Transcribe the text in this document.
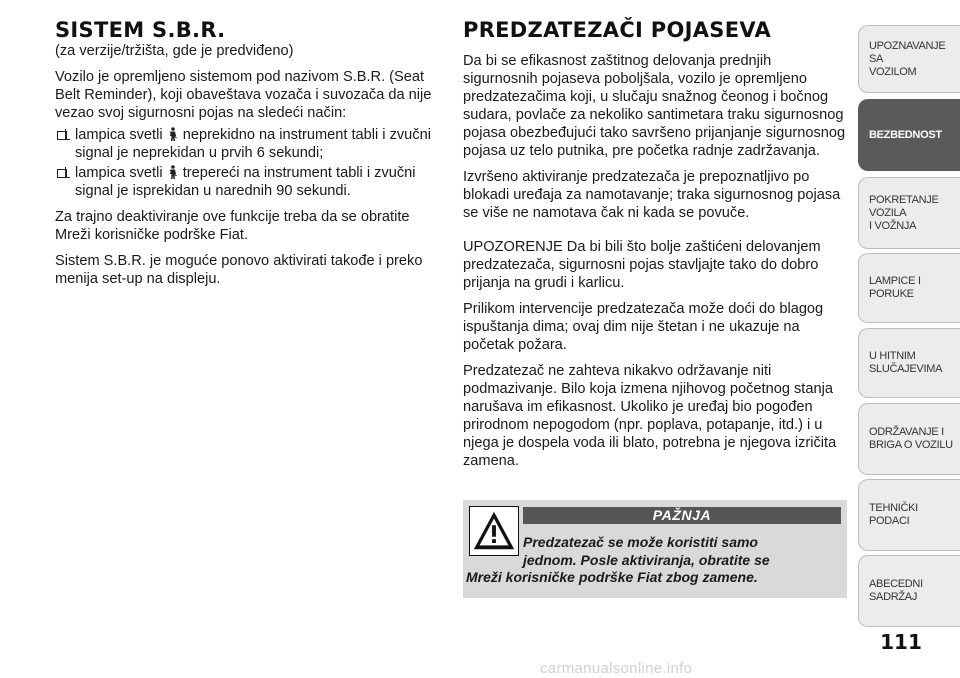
SISTEM S.B.R.
(za verzije/tržišta, gde je predviđeno)

Vozilo je opremljeno sistemom pod nazivom S.B.R. (Seat Belt Reminder), koji obaveštava vozača i suvozača da nije vezao svoj sigurnosni pojas na sledeći način:

lampica svetli neprekidno na instrument tabli i zvučni signal je neprekidan u prvih 6 sekundi;
lampica svetli trepereći na instrument tabli i zvučni signal je isprekidan u narednih 90 sekundi.

Za trajno deaktiviranje ove funkcije treba da se obratite Mreži korisničke podrške Fiat.

Sistem S.B.R. je moguće ponovo aktivirati takođe i preko menija set-up na displeju.

PREDZATEZAČI POJASEVA

Da bi se efikasnost zaštitnog delovanja prednjih sigurnosnih pojaseva poboljšala, vozilo je opremljeno predzatezačima koji, u slučaju snažnog čeonog i bočnog sudara, povlače za nekoliko santimetara traku sigurnosnog pojasa obezbeđujući tako savršeno prijanjanje sigurnosnog pojasa uz telo putnika, pre početka radnje zadržavanja.

Izvršeno aktiviranje predzatezača je prepoznatljivo po blokadi uređaja za namotavanje; traka sigurnosnog pojasa se više ne namotava čak ni kada se povuče.

UPOZORENJE Da bi bili što bolje zaštićeni delovanjem predzatezača, sigurnosni pojas stavljajte tako do dobro prijanja na grudi i karlicu.

Prilikom intervencije predzatezača može doći do blagog ispuštanja dima; ovaj dim nije štetan i ne ukazuje na početak požara.

Predzatezač ne zahteva nikakvo održavanje niti podmazivanje. Bilo koja izmena njihovog početnog stanja narušava im efikasnost. Ukoliko je uređaj bio pogođen prirodnom nepogodom (npr. poplava, potapanje, itd.) i u njega je dospela voda ili blato, potrebna je njegova izričita zamena.

PAŽNJA
Predzatezač se može koristiti samo
jednom. Posle aktiviranja, obratite se
Mreži korisničke podrške Fiat zbog zamene.
UPOZNAVANJE SA
VOZILOM
BEZBEDNOST
POKRETANJE VOZILA
I VOŽNJA
LAMPICE I PORUKE
U HITNIM
SLUČAJEVIMA
ODRŽAVANJE I
BRIGA O VOZILU
TEHNIČKI PODACI
ABECEDNI SADRŽAJ
111
carmanualsonline.info
